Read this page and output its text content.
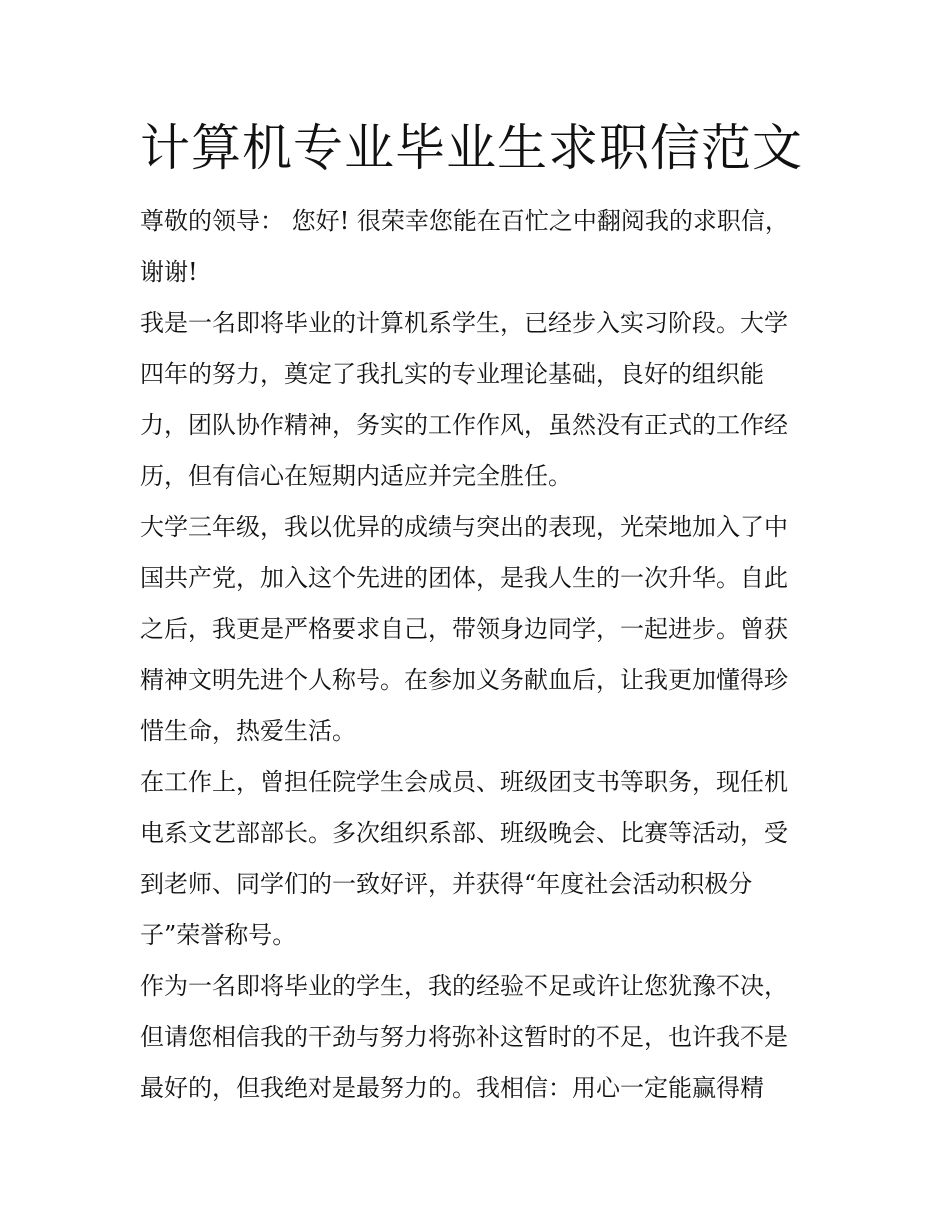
计算机专业毕业生求职信范文

尊敬的领导： 您好! 很荣幸您能在百忙之中翻阅我的求职信，

谢谢!

我是一名即将毕业的计算机系学生，已经步入实习阶段。大学

四年的努力，奠定了我扎实的专业理论基础，良好的组织能

力，团队协作精神，务实的工作作风，虽然没有正式的工作经

历，但有信心在短期内适应并完全胜任。

大学三年级，我以优异的成绩与突出的表现，光荣地加入了中

国共产党，加入这个先进的团体，是我人生的一次升华。自此

之后，我更是严格要求自己，带领身边同学，一起进步。曾获

精神文明先进个人称号。在参加义务献血后，让我更加懂得珍

惜生命，热爱生活。

在工作上，曾担任院学生会成员、班级团支书等职务，现任机

电系文艺部部长。多次组织系部、班级晚会、比赛等活动，受

到老师、同学们的一致好评，并获得“年度社会活动积极分

子”荣誉称号。

作为一名即将毕业的学生，我的经验不足或许让您犹豫不决，

但请您相信我的干劲与努力将弥补这暂时的不足，也许我不是

最好的，但我绝对是最努力的。我相信：用心一定能赢得精
